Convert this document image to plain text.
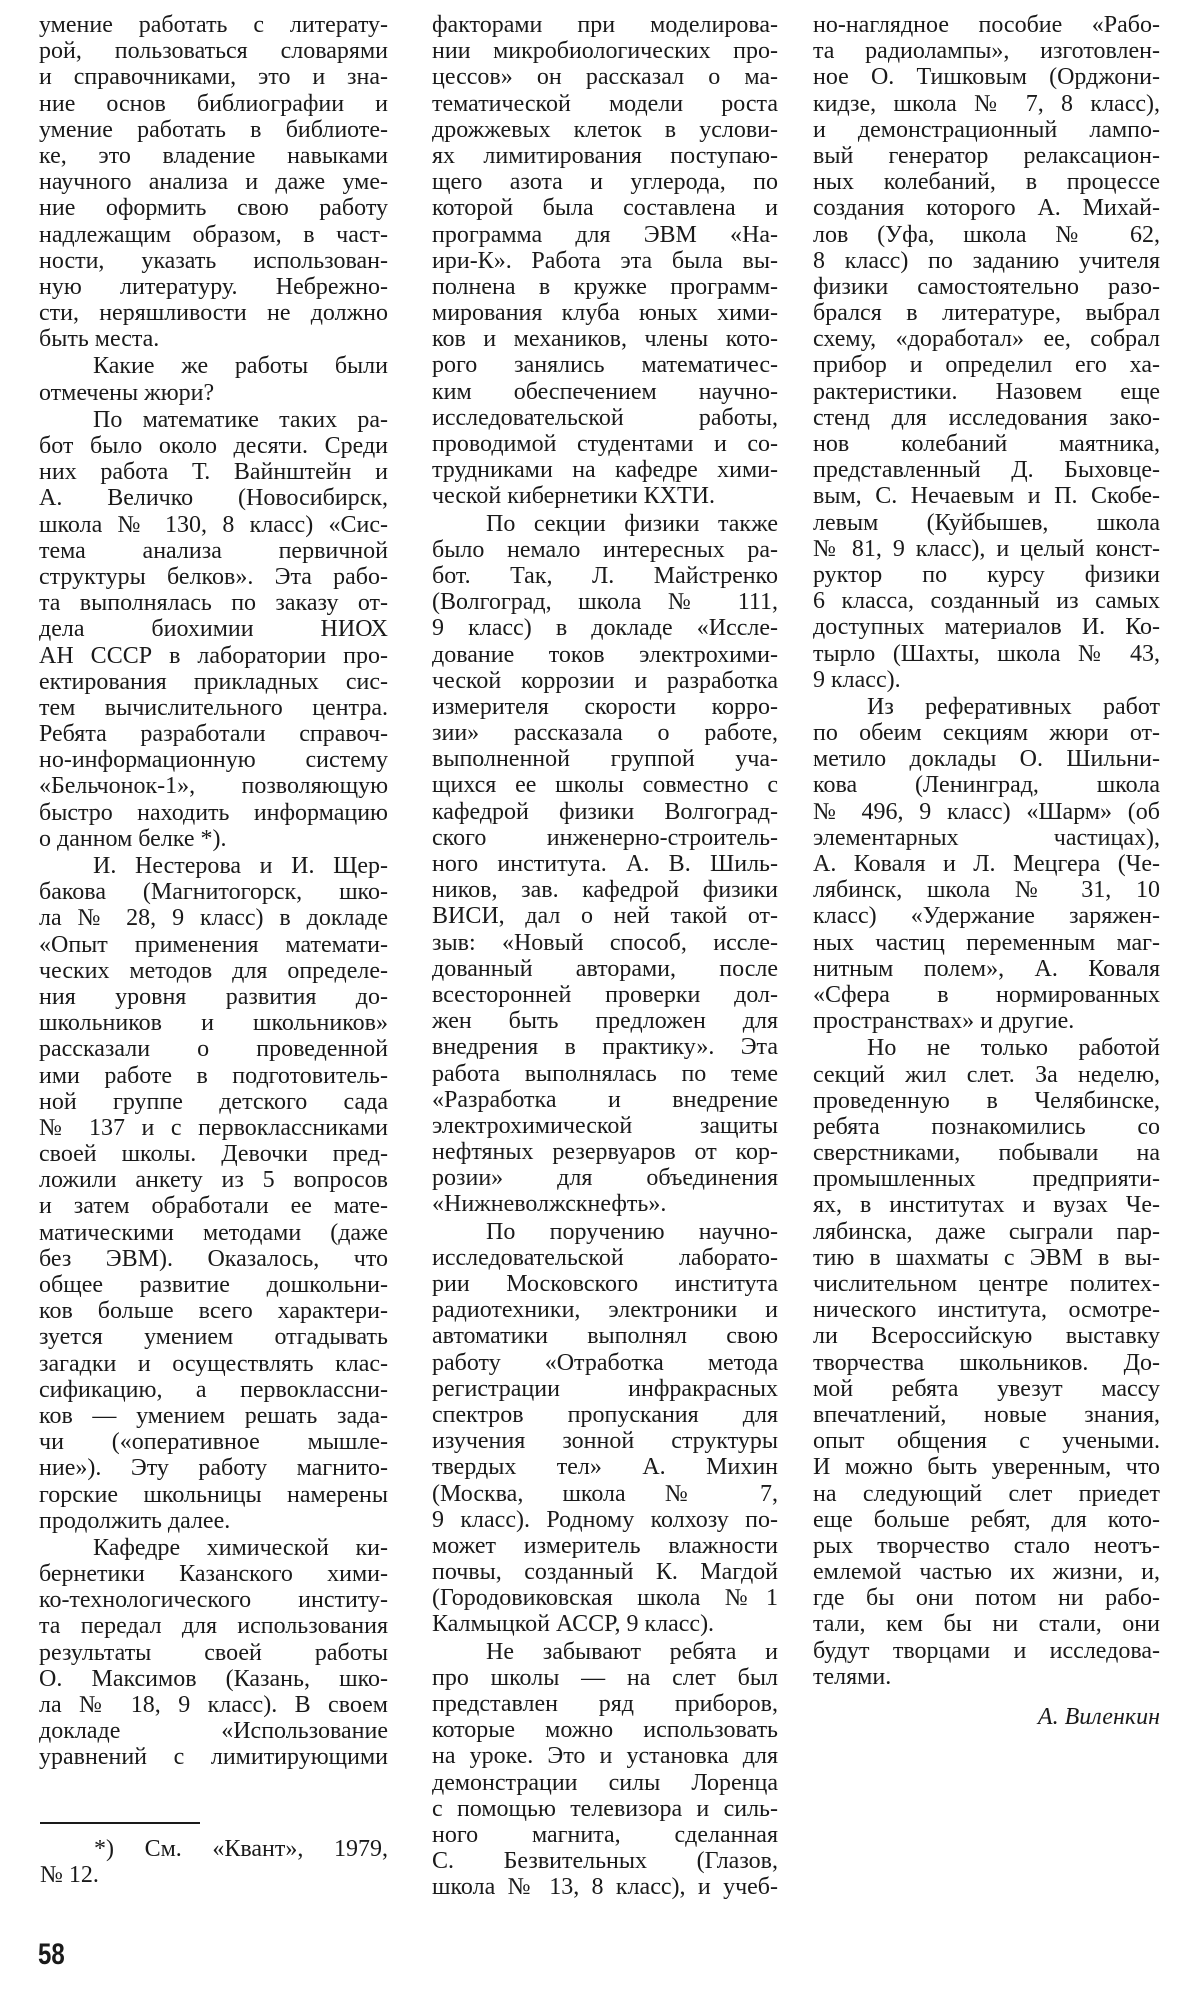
умение работать с литерату-
рой, пользоваться словарями
и справочниками, это и зна-
ние основ библиографии и
умение работать в библиоте-
ке, это владение навыками
научного анализа и даже уме-
ние оформить свою работу
надлежащим образом, в част-
ности, указать использован-
ную литературу. Небрежно-
сти, неряшливости не должно
быть места.
Какие же работы были
отмечены жюри?
По математике таких ра-
бот было около десяти. Среди
них работа Т. Вайнштейн и
А. Величко (Новосибирск,
школа № 130, 8 класс) «Сис-
тема анализа первичной
структуры белков». Эта рабо-
та выполнялась по заказу от-
дела биохимии НИОХ
АН СССР в лаборатории про-
ектирования прикладных сис-
тем вычислительного центра.
Ребята разработали справоч-
но-информационную систему
«Бельчонок-1», позволяющую
быстро находить информацию
о данном белке *).
И. Нестерова и И. Щер-
бакова (Магнитогорск, шко-
ла № 28, 9 класс) в докладе
«Опыт применения математи-
ческих методов для определе-
ния уровня развития до-
школьников и школьников»
рассказали о проведенной
ими работе в подготовитель-
ной группе детского сада
№ 137 и с первоклассниками
своей школы. Девочки пред-
ложили анкету из 5 вопросов
и затем обработали ее мате-
матическими методами (даже
без ЭВМ). Оказалось, что
общее развитие дошкольни-
ков больше всего характери-
зуется умением отгадывать
загадки и осуществлять клас-
сификацию, а первоклассни-
ков — умением решать зада-
чи («оперативное мышле-
ние»). Эту работу магнито-
горские школьницы намерены
продолжить далее.
Кафедре химической ки-
бернетики Казанского хими-
ко-технологического институ-
та передал для использования
результаты своей работы
О. Максимов (Казань, шко-
ла № 18, 9 класс). В своем
докладе «Использование
уравнений с лимитирующими
факторами при моделирова-
нии микробиологических про-
цессов» он рассказал о ма-
тематической модели роста
дрожжевых клеток в услови-
ях лимитирования поступаю-
щего азота и углерода, по
которой была составлена и
программа для ЭВМ «На-
ири-К». Работа эта была вы-
полнена в кружке программ-
мирования клуба юных хими-
ков и механиков, члены кото-
рого занялись математичес-
ким обеспечением научно-
исследовательской работы,
проводимой студентами и со-
трудниками на кафедре хими-
ческой кибернетики КХТИ.
По секции физики также
было немало интересных ра-
бот. Так, Л. Майстренко
(Волгоград, школа № 111,
9 класс) в докладе «Иссле-
дование токов электрохими-
ческой коррозии и разработка
измерителя скорости корро-
зии» рассказала о работе,
выполненной группой уча-
щихся ее школы совместно с
кафедрой физики Волгоград-
ского инженерно-строитель-
ного института. А. В. Шиль-
ников, зав. кафедрой физики
ВИСИ, дал о ней такой от-
зыв: «Новый способ, иссле-
дованный авторами, после
всесторонней проверки дол-
жен быть предложен для
внедрения в практику». Эта
работа выполнялась по теме
«Разработка и внедрение
электрохимической защиты
нефтяных резервуаров от кор-
розии» для объединения
«Нижневолжскнефть».
По поручению научно-
исследовательской лаборато-
рии Московского института
радиотехники, электроники и
автоматики выполнял свою
работу «Отработка метода
регистрации инфракрасных
спектров пропускания для
изучения зонной структуры
твердых тел» А. Михин
(Москва, школа № 7,
9 класс). Родному колхозу по-
может измеритель влажности
почвы, созданный К. Магдой
(Городовиковская школа №1
Калмыцкой АССР, 9 класс).
Не забывают ребята и
про школы — на слет был
представлен ряд приборов,
которые можно использовать
на уроке. Это и установка для
демонстрации силы Лоренца
с помощью телевизора и силь-
ного магнита, сделанная
С. Безвительных (Глазов,
школа № 13, 8 класс), и учеб-
но-наглядное пособие «Рабо-
та радиолампы», изготовлен-
ное О. Тишковым (Орджони-
кидзе, школа № 7, 8 класс),
и демонстрационный лампо-
вый генератор релаксацион-
ных колебаний, в процессе
создания которого А. Михай-
лов (Уфа, школа № 62,
8 класс) по заданию учителя
физики самостоятельно разо-
брался в литературе, выбрал
схему, «доработал» ее, собрал
прибор и определил его ха-
рактеристики. Назовем еще
стенд для исследования зако-
нов колебаний маятника,
представленный Д. Быховце-
вым, С. Нечаевым и П. Скобе-
левым (Куйбышев, школа
№ 81, 9 класс), и целый конст-
руктор по курсу физики
6 класса, созданный из самых
доступных материалов И. Ко-
тырло (Шахты, школа № 43,
9 класс).
Из реферативных работ
по обеим секциям жюри от-
метило доклады О. Шильни-
кова (Ленинград, школа
№ 496, 9 класс) «Шарм» (об
элементарных частицах),
А. Коваля и Л. Мецгера (Че-
лябинск, школа № 31, 10
класс) «Удержание заряжен-
ных частиц переменным маг-
нитным полем», А. Коваля
«Сфера в нормированных
пространствах» и другие.
Но не только работой
секций жил слет. За неделю,
проведенную в Челябинске,
ребята познакомились со
сверстниками, побывали на
промышленных предприяти-
ях, в институтах и вузах Че-
лябинска, даже сыграли пар-
тию в шахматы с ЭВМ в вы-
числительном центре политех-
нического института, осмотре-
ли Всероссийскую выставку
творчества школьников. До-
мой ребята увезут массу
впечатлений, новые знания,
опыт общения с учеными.
И можно быть уверенным, что
на следующий слет приедет
еще больше ребят, для кото-
рых творчество стало неотъ-
емлемой частью их жизни, и,
где бы они потом ни рабо-
тали, кем бы ни стали, они
будут творцами и исследова-
телями.
*) См. «Квант», 1979,
№ 12.
А. Виленкин
58
